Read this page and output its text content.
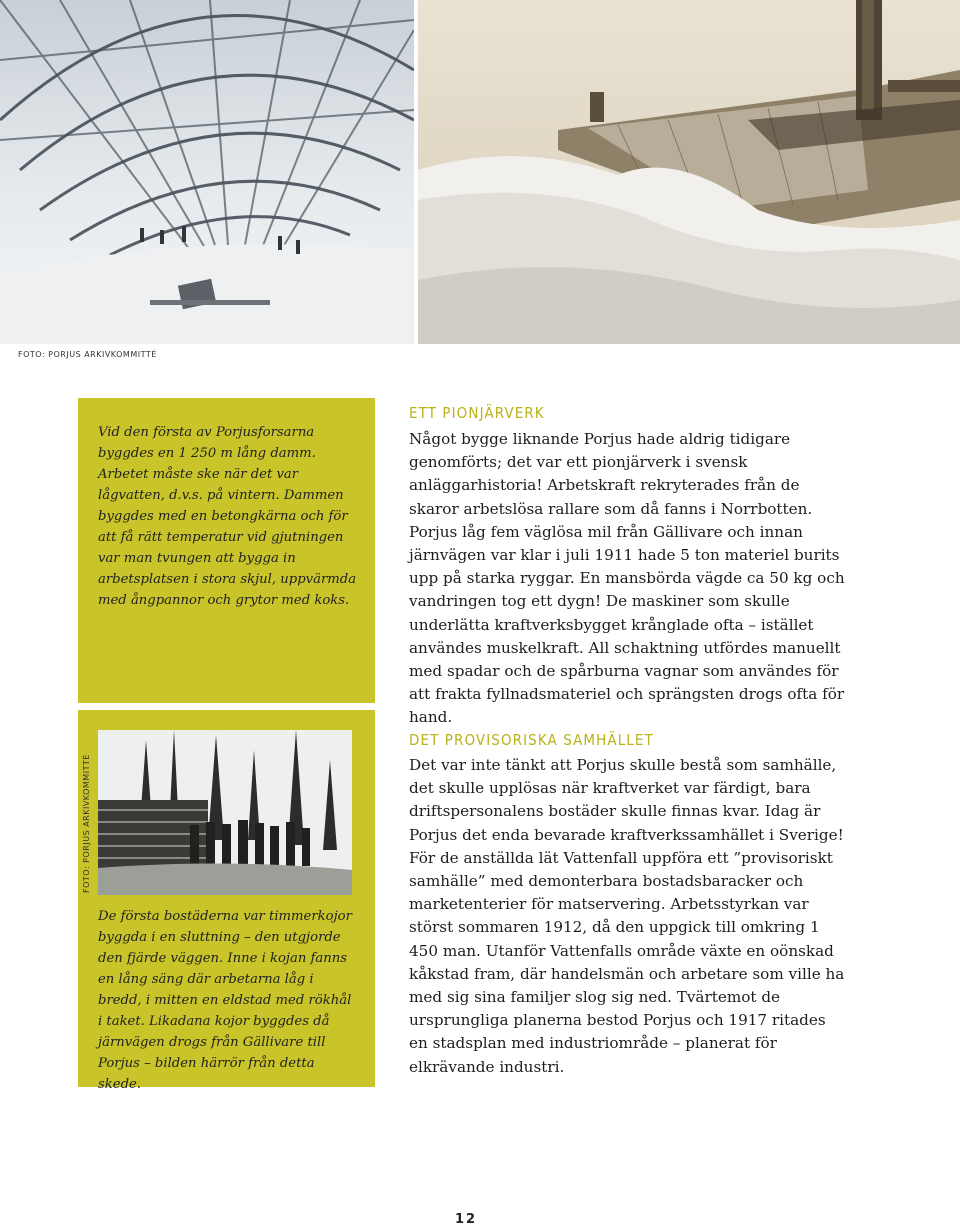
FOTO: PORJUS ARKIVKOMMITTÉ
Vid den första av Porjusforsarna byggdes en 1 250 m lång damm. Arbetet måste ske när det var lågvatten, d.v.s. på vintern. Dammen byggdes med en betongkärna och för att få rätt temperatur vid gjutningen var man tvungen att bygga in arbetsplatsen i stora skjul, uppvärmda med ångpannor och grytor med koks.
FOTO: PORJUS ARKIVKOMMITTÉ
De första bostäderna var timmerkojor byggda i en sluttning – den utgjorde den fjärde väggen. Inne i kojan fanns en lång säng där arbetarna låg i bredd, i mitten en eldstad med rökhål i taket. Likadana kojor byggdes då järnvägen drogs från Gällivare till Porjus – bilden härrör från detta skede.
ETT PIONJÄRVERK
Något bygge liknande Porjus hade aldrig tidigare genomförts; det var ett pionjärverk i svensk anläggarhistoria! Arbetskraft rekryterades från de skaror arbetslösa rallare som då fanns i Norrbotten. Porjus låg fem väglösa mil från Gällivare och innan järnvägen var klar i juli 1911 hade 5 ton materiel burits upp på starka ryggar. En mansbörda vägde ca 50 kg och vandringen tog ett dygn! De maskiner som skulle underlätta kraftverksbygget krånglade ofta – istället användes muskelkraft. All schaktning utfördes manuellt med spadar och de spårburna vagnar som användes för att frakta fyllnadsmateriel och sprängsten drogs ofta för hand.
DET PROVISORISKA SAMHÄLLET
Det var inte tänkt att Porjus skulle bestå som samhälle, det skulle upplösas när kraftverket var färdigt, bara driftspersonalens bostäder skulle finnas kvar. Idag är Porjus det enda bevarade kraftverkssamhället i Sverige! För de anställda lät Vattenfall uppföra ett ”provisoriskt samhälle” med demonterbara bostadsbaracker och marketenterier för matservering. Arbetsstyrkan var störst sommaren 1912, då den uppgick till omkring 1 450 man. Utanför Vattenfalls område växte en oönskad kåkstad fram, där handelsmän och arbetare som ville ha med sig sina familjer slog sig ned. Tvärtemot de ursprungliga planerna bestod Porjus och 1917 ritades en stadsplan med industriområde – planerat för elkrävande industri.
12
